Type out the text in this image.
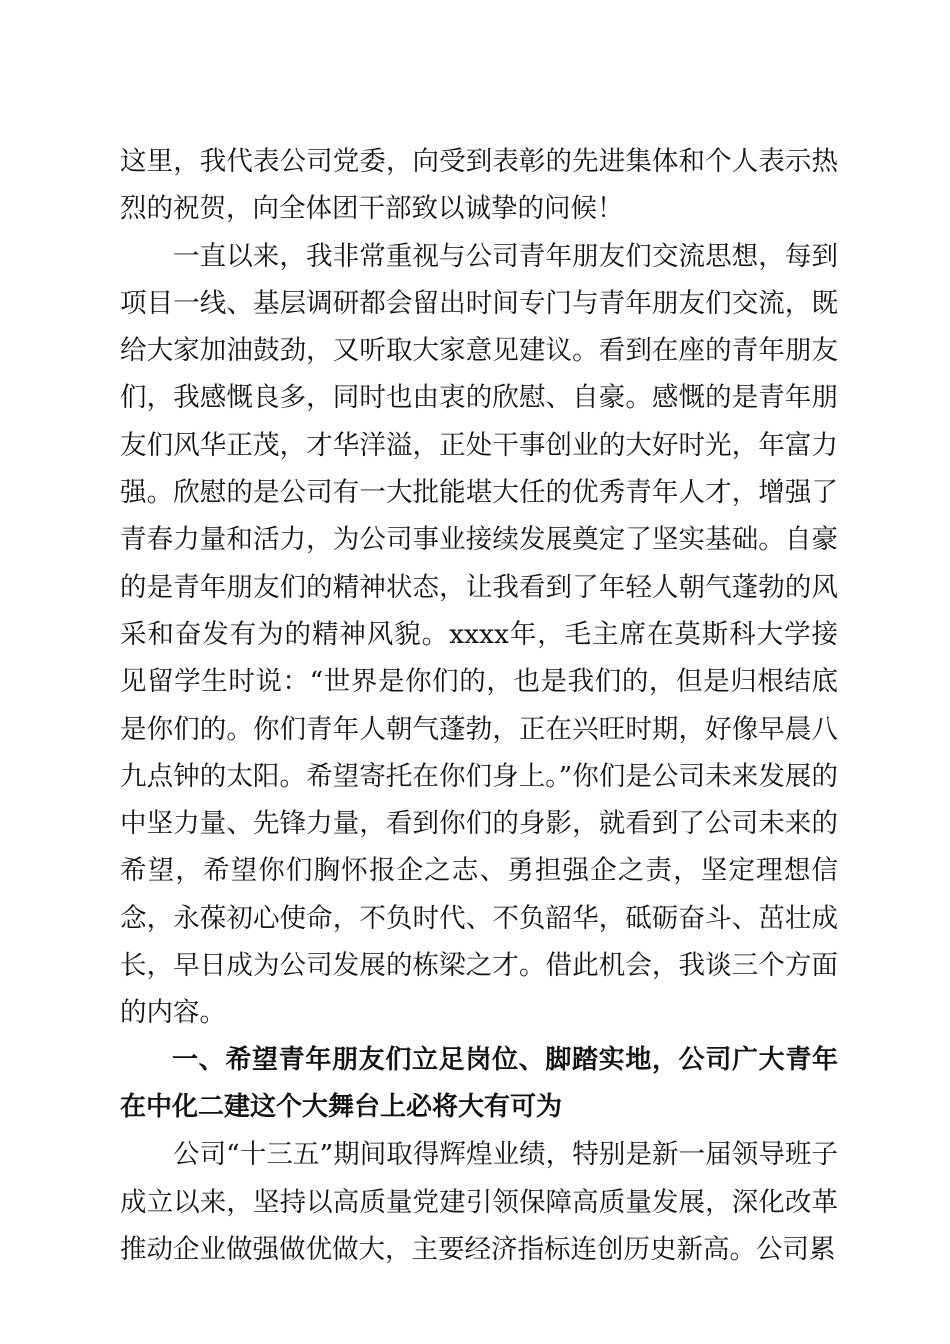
这里，我代表公司党委，向受到表彰的先进集体和个人表示热烈的祝贺，向全体团干部致以诚挚的问候！

一直以来，我非常重视与公司青年朋友们交流思想，每到项目一线、基层调研都会留出时间专门与青年朋友们交流，既给大家加油鼓劲，又听取大家意见建议。看到在座的青年朋友们，我感慨良多，同时也由衷的欣慰、自豪。感慨的是青年朋友们风华正茂，才华洋溢，正处干事创业的大好时光，年富力强。欣慰的是公司有一大批能堪大任的优秀青年人才，增强了青春力量和活力，为公司事业接续发展奠定了坚实基础。自豪的是青年朋友们的精神状态，让我看到了年轻人朝气蓬勃的风采和奋发有为的精神风貌。xxxx年，毛主席在莫斯科大学接见留学生时说：“世界是你们的，也是我们的，但是归根结底是你们的。你们青年人朝气蓬勃，正在兴旺时期，好像早晨八九点钟的太阳。希望寄托在你们身上。”你们是公司未来发展的中坚力量、先锋力量，看到你们的身影，就看到了公司未来的希望，希望你们胸怀报企之志、勇担强企之责，坚定理想信念，永葆初心使命，不负时代、不负韶华，砥砺奋斗、茁壮成长，早日成为公司发展的栋梁之才。借此机会，我谈三个方面的内容。

一、希望青年朋友们立足岗位、脚踏实地，公司广大青年在中化二建这个大舞台上必将大有可为

公司“十三五”期间取得辉煌业绩，特别是新一届领导班子成立以来，坚持以高质量党建引领保障高质量发展，深化改革推动企业做强做优做大，主要经济指标连创历史新高。公司累
